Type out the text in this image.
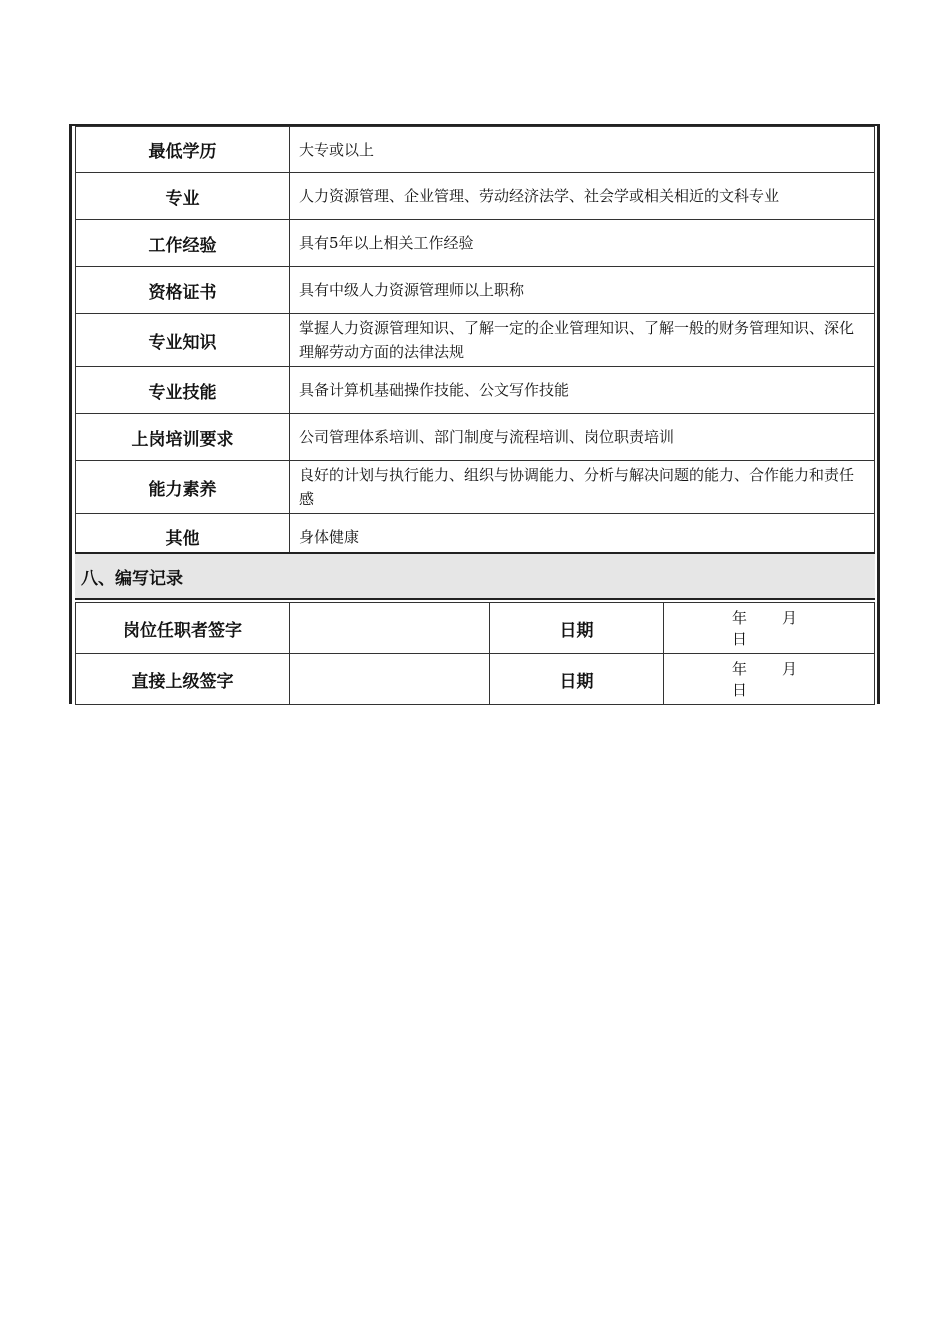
最低学历	大专或以上
专业	人力资源管理、企业管理、劳动经济法学、社会学或相关相近的文科专业
工作经验	具有5年以上相关工作经验
资格证书	具有中级人力资源管理师以上职称
专业知识	掌握人力资源管理知识、了解一定的企业管理知识、了解一般的财务管理知识、深化理解劳动方面的法律法规
专业技能	具备计算机基础操作技能、公文写作技能
上岗培训要求	公司管理体系培训、部门制度与流程培训、岗位职责培训
能力素养	良好的计划与执行能力、组织与协调能力、分析与解决问题的能力、合作能力和责任感
其他	身体健康
八、编写记录
岗位任职者签字		日期	年 月日
直接上级签字		日期	年 月日
